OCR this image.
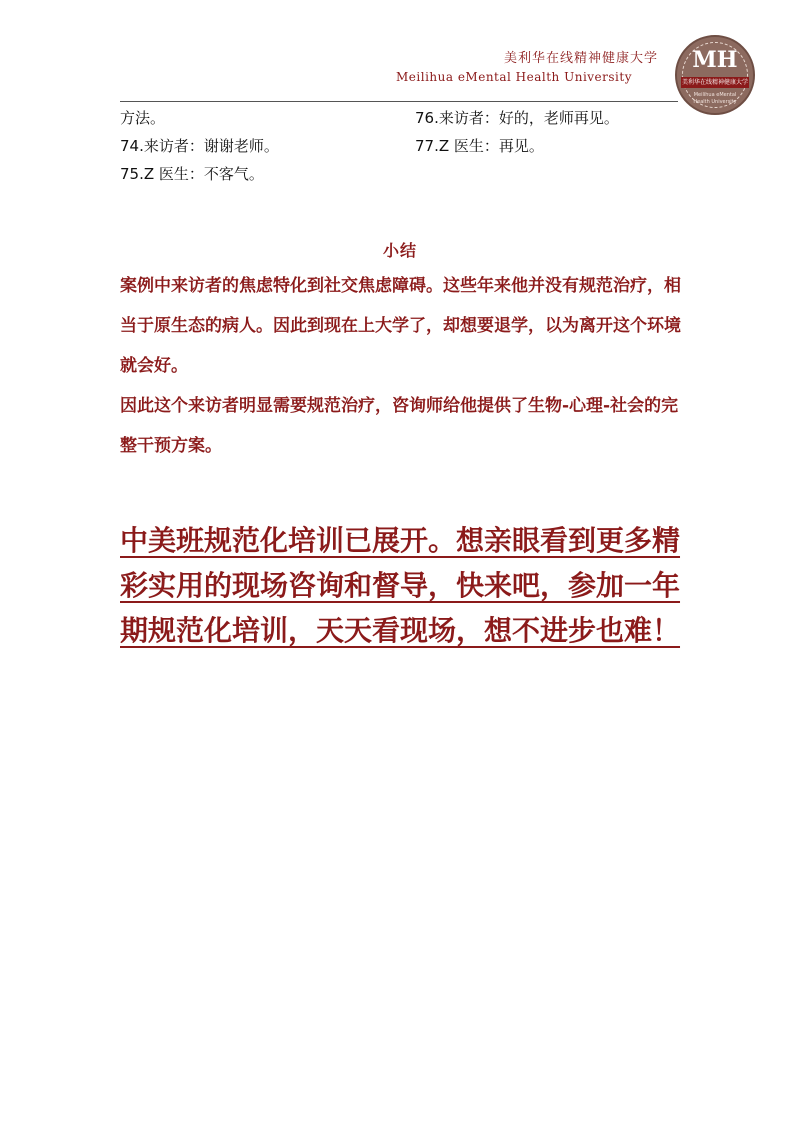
美利华在线精神健康大学
Meilihua eMental Health University
MH
美利华在线精神健康大学
Meilihua eMental
Health University
方法。
74.来访者：谢谢老师。
75.Z 医生：不客气。
76.来访者：好的，老师再见。
77.Z 医生：再见。
小结

案例中来访者的焦虑特化到社交焦虑障碍。这些年来他并没有规范治疗，相当于原生态的病人。因此到现在上大学了，却想要退学，以为离开这个环境就会好。

因此这个来访者明显需要规范治疗，咨询师给他提供了生物-心理-社会的完整干预方案。

中美班规范化培训已展开。想亲眼看到更多精彩实用的现场咨询和督导，快来吧，参加一年期规范化培训，天天看现场，想不进步也难！
